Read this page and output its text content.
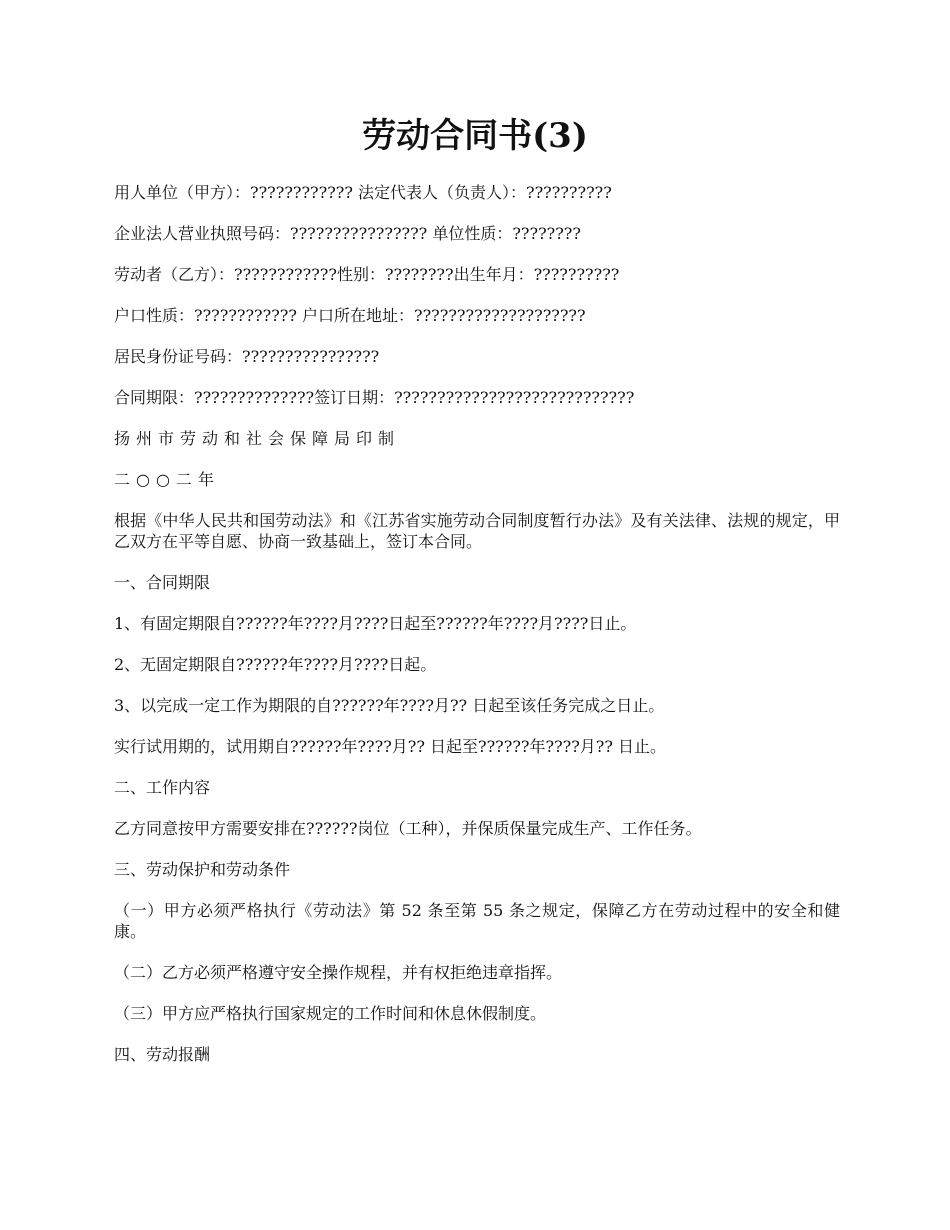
劳动合同书(3)

用人单位（甲方）：???????????? 法定代表人（负责人）：??????????

企业法人营业执照号码：???????????????? 单位性质：????????

劳动者（乙方）：????????????性别：????????出生年月：??????????

户口性质：???????????? 户口所在地址：????????????????????

居民身份证号码：????????????????

合同期限：??????????????签订日期：????????????????????????????

扬州市劳动和社会保障局印制

二○○二年

根据《中华人民共和国劳动法》和《江苏省实施劳动合同制度暂行办法》及有关法律、法规的规定，甲乙双方在平等自愿、协商一致基础上，签订本合同。

一、合同期限

1、有固定期限自??????年????月????日起至??????年????月????日止。

2、无固定期限自??????年????月????日起。

3、以完成一定工作为期限的自??????年????月?? 日起至该任务完成之日止。

实行试用期的，试用期自??????年????月?? 日起至??????年????月?? 日止。

二、工作内容

乙方同意按甲方需要安排在??????岗位（工种），并保质保量完成生产、工作任务。

三、劳动保护和劳动条件

（一）甲方必须严格执行《劳动法》第 52 条至第 55 条之规定，保障乙方在劳动过程中的安全和健康。

（二）乙方必须严格遵守安全操作规程，并有权拒绝违章指挥。

（三）甲方应严格执行国家规定的工作时间和休息休假制度。

四、劳动报酬
